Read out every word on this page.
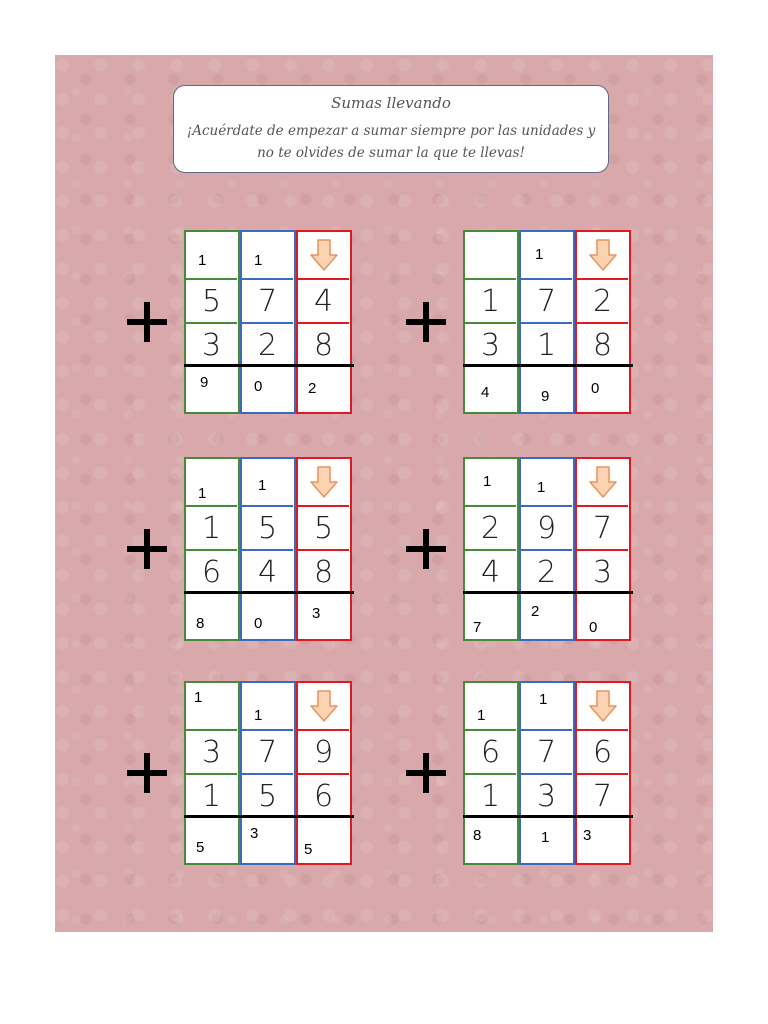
Sumas llevando
¡Acuérdate de empezar a sumar siempre por las unidades y no te olvides de sumar la que te llevas!
1
5
3
9
1
7
2
0
4
8
2
1
3
4
1
7
1
9
2
8
0
1
1
6
8
1
5
4
0
5
8
3
1
2
4
7
1
9
2
2
7
3
0
1
3
1
5
1
7
5
3
9
6
5
1
6
1
8
1
7
3
1
6
7
3
